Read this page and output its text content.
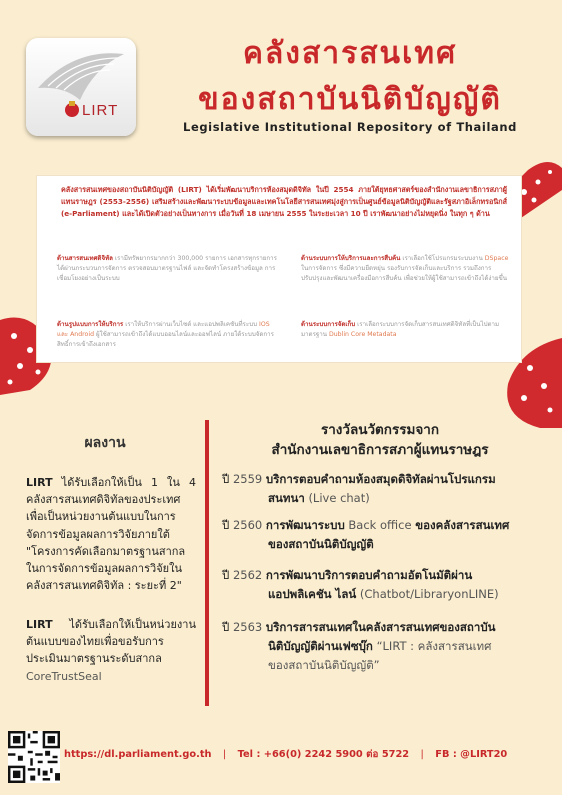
LIRT
คลังสารสนเทศ
ของสถาบันนิติบัญญัติ
Legislative Institutional Repository of Thailand

คลังสารสนเทศของสถาบันนิติบัญญัติ (LIRT) ได้เริ่มพัฒนาบริการห้องสมุดดิจิทัล ในปี 2554 ภายใต้ยุทธศาสตร์ของสำนักงานเลขาธิการสภาผู้แทนราษฎร (2553-2556) เสริมสร้างและพัฒนาระบบข้อมูลและเทคโนโลยีสารสนเทศมุ่งสู่การเป็นศูนย์ข้อมูลนิติบัญญัติและรัฐสภาอิเล็กทรอนิกส์ (e-Parliament) และได้เปิดตัวอย่างเป็นทางการ เมื่อวันที่ 18 เมษายน 2555 ในระยะเวลา 10 ปี เราพัฒนาอย่างไม่หยุดนิ่ง ในทุก ๆ ด้าน

ด้านสารสนเทศดิจิทัล เรามีทรัพยากรมากกว่า 300,000 รายการ เอกสารทุกรายการได้ผ่านกระบวนการจัดการ ตรวจสอบมาตรฐานไฟล์ และจัดทำโครงสร้างข้อมูล การเชื่อมโยงอย่างเป็นระบบ
ด้านระบบการให้บริการและการสืบค้น เราเลือกใช้โปรแกรมระบบงาน DSpace ในการจัดการ ซึ่งมีความยืดหยุ่น รองรับการจัดเก็บและบริการ รวมถึงการปรับปรุงและพัฒนาเครื่องมือการสืบค้น เพื่อช่วยให้ผู้ใช้สามารถเข้าถึงได้ง่ายขึ้น
ด้านรูปแบบการให้บริการ เราให้บริการผ่านเว็บไซต์ และแอปพลิเคชันที่ระบบ IOS และ Android ผู้ใช้สามารถเข้าถึงได้แบบออนไลน์และออฟไลน์ ภายใต้ระบบจัดการสิทธิ์การเข้าถึงเอกสาร
ด้านระบบการจัดเก็บ เราเลือกระบบการจัดเก็บสารสนเทศดิจิทัลที่เป็นไปตามมาตรฐาน Dublin Core Metadata
ผลงาน

LIRT ได้รับเลือกให้เป็น 1 ใน 4 คลังสารสนเทศดิจิทัลของประเทศเพื่อเป็นหน่วยงานต้นแบบในการจัดการข้อมูลผลการวิจัยภายใต้ "โครงการคัดเลือกมาตรฐานสากลในการจัดการข้อมูลผลการวิจัยในคลังสารสนเทศดิจิทัล : ระยะที่ 2"

LIRT ได้รับเลือกให้เป็นหน่วยงานต้นแบบของไทยเพื่อขอรับการประเมินมาตรฐานระดับสากล CoreTrustSeal

รางวัลนวัตกรรมจาก
สำนักงานเลขาธิการสภาผู้แทนราษฎร
ปี 2559 บริการตอบคำถามห้องสมุดดิจิทัลผ่านโปรแกรม
สนทนา (Live chat)
ปี 2560 การพัฒนาระบบ Back office ของคลังสารสนเทศ
ของสถาบันนิติบัญญัติ
ปี 2562 การพัฒนาบริการตอบคำถามอัตโนมัติผ่าน
แอปพลิเคชัน ไลน์ (Chatbot/LibraryonLINE)
ปี 2563 บริการสารสนเทศในคลังสารสนเทศของสถาบัน
นิติบัญญัติผ่านเฟซบุ๊ก “LIRT : คลังสารสนเทศ
ของสถาบันนิติบัญญัติ”
https://dl.parliament.go.th | Tel : +66(0) 2242 5900 ต่อ 5722 | FB : @LIRT20
